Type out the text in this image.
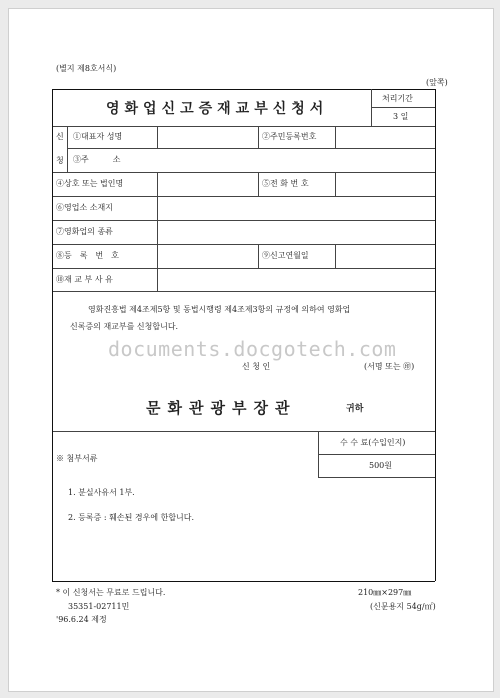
(별지 제8호서식)
(앞쪽)
영화업신고증재교부신청서
처리기간
3 일
신
청
①대표자 성명	②주민등록번호
③주　　　소
④상호 또는 법인명	⑤전 화 번 호
⑥영업소 소재지
⑦영화업의 종류
⑧등　록　번　호	⑨신고연월일
⑩재 교 부 사 유
영화진흥법 제4조제5항 및 동법시행령 제4조제3항의 규정에 의하여 영화업
신록증의 재교부를 신청합니다.
documents.docgotech.com
신 청 인	(서명 또는 ㊞)
문화관광부장관	귀하
※ 첨부서류
1. 분실사유서 1부.
2. 등록증 : 훼손된 경우에 한합니다.
수 수 료(수입인지)
500원
* 이 신청서는 무료로 드립니다.	210㎜×297㎜
35351-02711민	(신문용지 54g/㎡)
'96.6.24 제정
